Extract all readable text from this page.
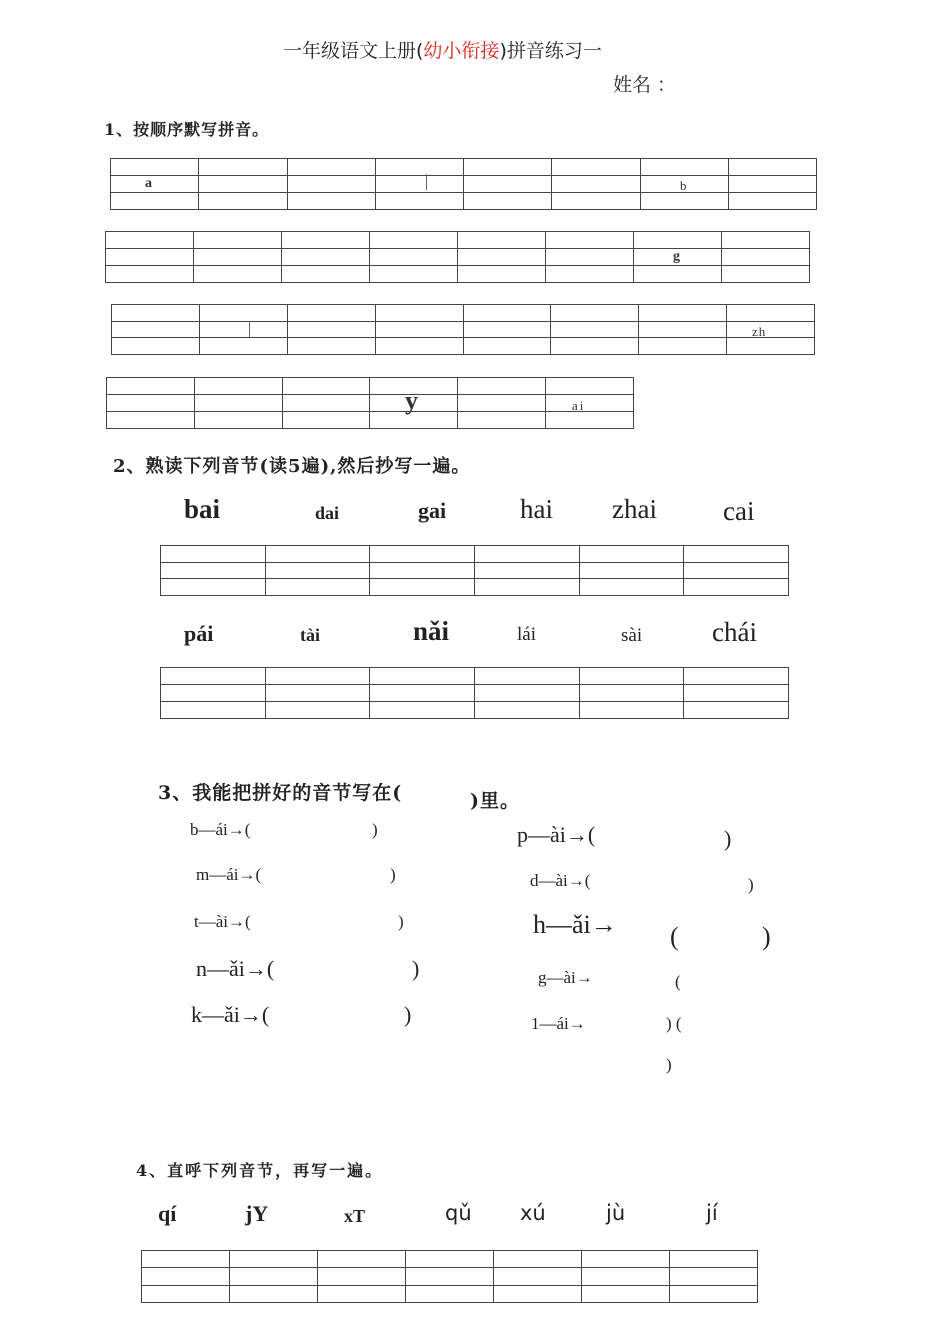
一年级语文上册(幼小衔接)拼音练习一
姓名 ：
1、按顺序默写拼音。

a	b

g

zh

y	ai
2、熟读下列音节(读5遍),然后抄写一遍。
bai	dai	gai	hai zhai cai

pái	tài	nǎi	lái	sài	chái

3、我能把拼好的音节写在(	)里。
b—ái→(	)
m—ái→(	)
t—ài→(	)
n—ǎi→(	)
k—ǎi→(	)
p—ài→(	)
d—ài→(	)
h—ǎi→ (	)
g—ài→	(
1—ái→	) (
)
4、直呼下列音节，再写一遍。
qí	jY	xT	qǔ xú	jù	jí
